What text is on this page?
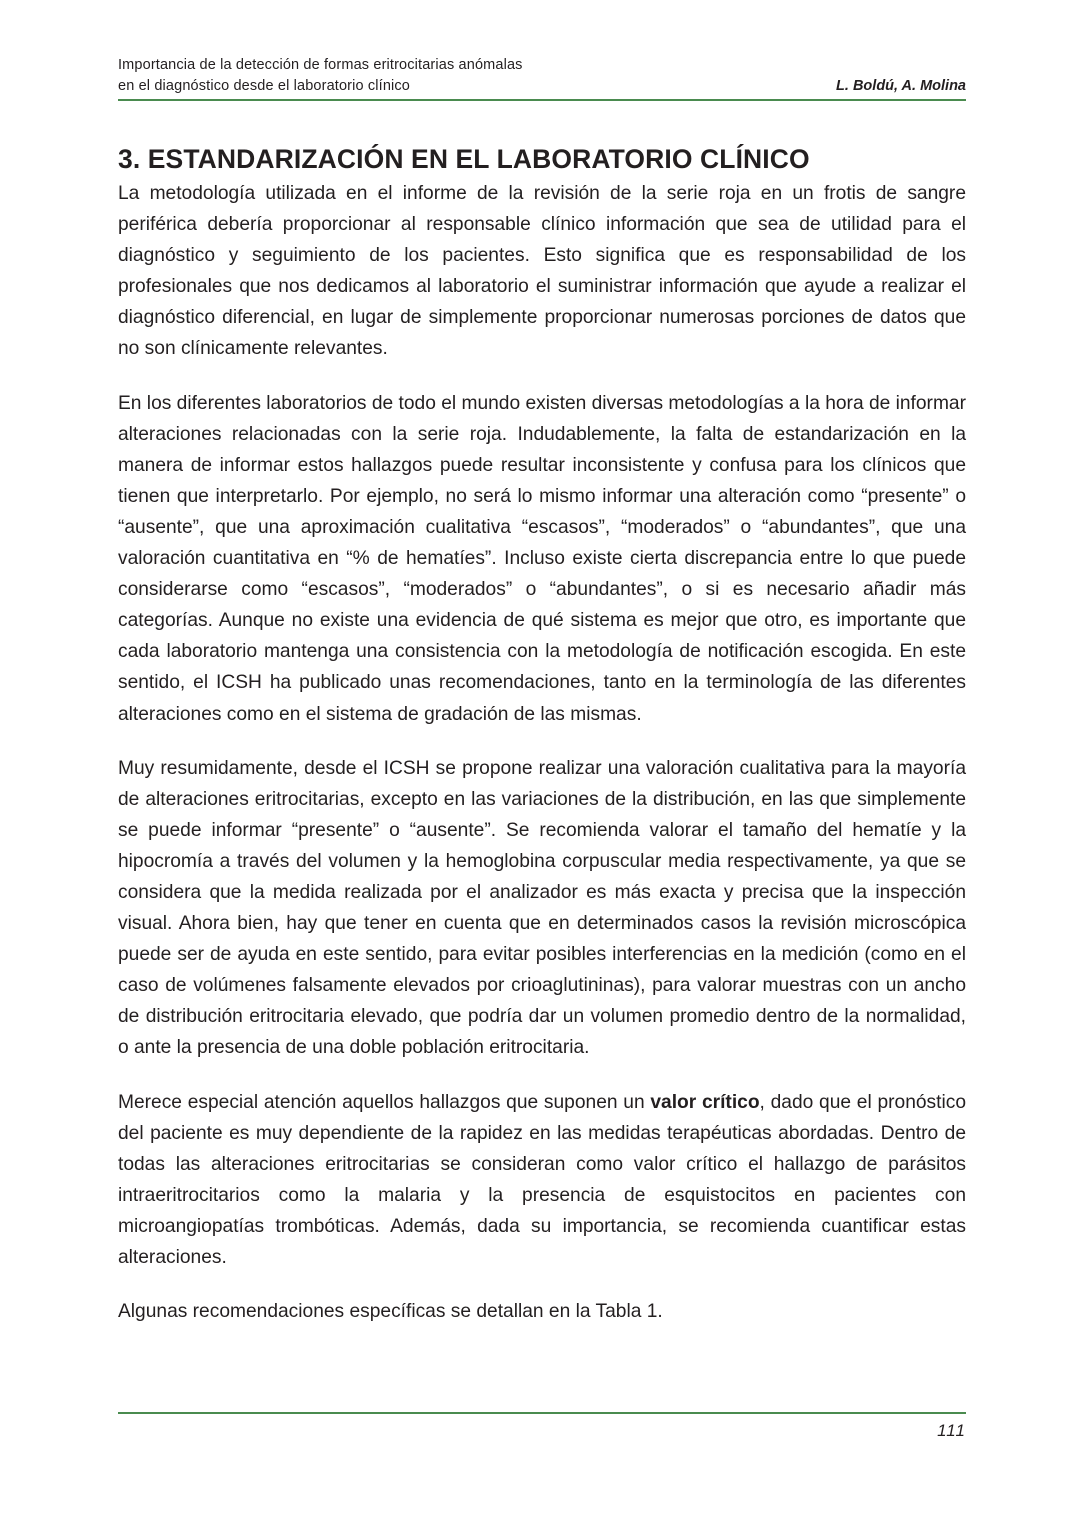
Importancia de la detección de formas eritrocitarias anómalas
en el diagnóstico desde el laboratorio clínico	L. Boldú, A. Molina
3. ESTANDARIZACIÓN EN EL LABORATORIO CLÍNICO

La metodología utilizada en el informe de la revisión de la serie roja en un frotis de sangre periférica debería proporcionar al responsable clínico información que sea de utilidad para el diagnóstico y seguimiento de los pacientes. Esto significa que es responsabilidad de los profesionales que nos dedicamos al laboratorio el suministrar información que ayude a realizar el diagnóstico diferencial, en lugar de simplemente proporcionar numerosas porciones de datos que no son clínicamente relevantes.

En los diferentes laboratorios de todo el mundo existen diversas metodologías a la hora de informar alteraciones relacionadas con la serie roja. Indudablemente, la falta de estandarización en la manera de informar estos hallazgos puede resultar inconsistente y confusa para los clínicos que tienen que interpretarlo. Por ejemplo, no será lo mismo informar una alteración como “presente” o “ausente”, que una aproximación cualitativa “escasos”, “moderados” o “abundantes”, que una valoración cuantitativa en “% de hematíes”. Incluso existe cierta discrepancia entre lo que puede considerarse como “escasos”, “moderados” o “abundantes”, o si es necesario añadir más categorías. Aunque no existe una evidencia de qué sistema es mejor que otro, es importante que cada laboratorio mantenga una consistencia con la metodología de notificación escogida. En este sentido, el ICSH ha publicado unas recomendaciones, tanto en la terminología de las diferentes alteraciones como en el sistema de gradación de las mismas.

Muy resumidamente, desde el ICSH se propone realizar una valoración cualitativa para la mayoría de alteraciones eritrocitarias, excepto en las variaciones de la distribución, en las que simplemente se puede informar “presente” o “ausente”. Se recomienda valorar el tamaño del hematíe y la hipocromía a través del volumen y la hemoglobina corpuscular media respectivamente, ya que se considera que la medida realizada por el analizador es más exacta y precisa que la inspección visual. Ahora bien, hay que tener en cuenta que en determinados casos la revisión microscópica puede ser de ayuda en este sentido, para evitar posibles interferencias en la medición (como en el caso de volúmenes falsamente elevados por crioaglutininas), para valorar muestras con un ancho de distribución eritrocitaria elevado, que podría dar un volumen promedio dentro de la normalidad, o ante la presencia de una doble población eritrocitaria.

Merece especial atención aquellos hallazgos que suponen un valor crítico, dado que el pronóstico del paciente es muy dependiente de la rapidez en las medidas terapéuticas abordadas. Dentro de todas las alteraciones eritrocitarias se consideran como valor crítico el hallazgo de parásitos intraeritrocitarios como la malaria y la presencia de esquistocitos en pacientes con microangiopatías trombóticas. Además, dada su importancia, se recomienda cuantificar estas alteraciones.

Algunas recomendaciones específicas se detallan en la Tabla 1.

111
